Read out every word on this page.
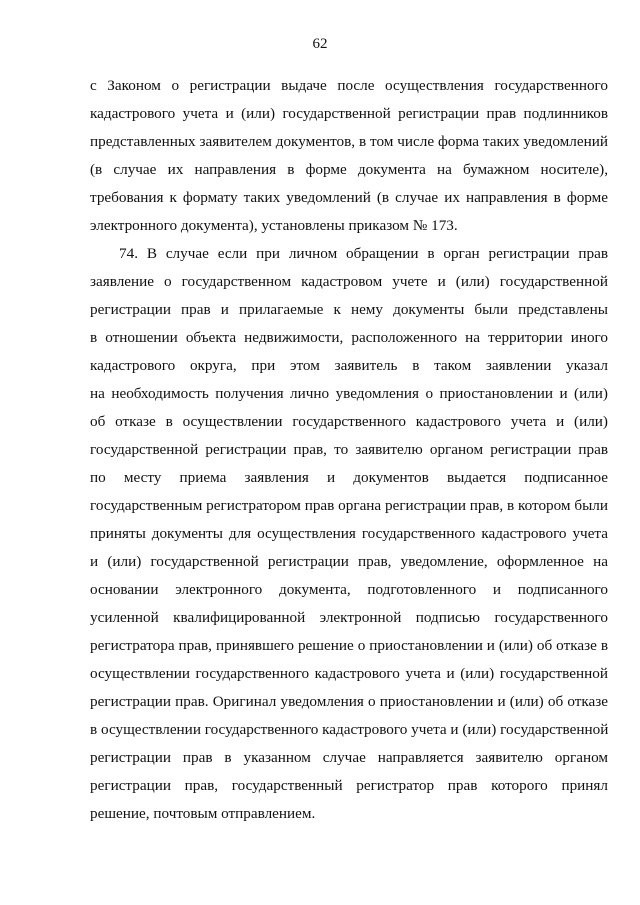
62
с Законом о регистрации выдаче после осуществления государственного
кадастрового учета и (или) государственной регистрации прав подлинников
представленных заявителем документов, в том числе форма таких уведомлений
(в случае их направления в форме документа на бумажном носителе),
требования к формату таких уведомлений (в случае их направления в форме
электронного документа), установлены приказом № 173.
74. В случае если при личном обращении в орган регистрации прав
заявление о государственном кадастровом учете и (или) государственной
регистрации прав и прилагаемые к нему документы были представлены
в отношении объекта недвижимости, расположенного на территории иного
кадастрового округа, при этом заявитель в таком заявлении указал
на необходимость получения лично уведомления о приостановлении и (или)
об отказе в осуществлении государственного кадастрового учета и (или)
государственной регистрации прав, то заявителю органом регистрации прав
по месту приема заявления и документов выдается подписанное
государственным регистратором прав органа регистрации прав, в котором были
приняты документы для осуществления государственного кадастрового учета
и (или) государственной регистрации прав, уведомление, оформленное на
основании электронного документа, подготовленного и подписанного
усиленной квалифицированной электронной подписью государственного
регистратора прав, принявшего решение о приостановлении и (или) об отказе в
осуществлении государственного кадастрового учета и (или) государственной
регистрации прав. Оригинал уведомления о приостановлении и (или) об отказе
в осуществлении государственного кадастрового учета и (или) государственной
регистрации прав в указанном случае направляется заявителю органом
регистрации прав, государственный регистратор прав которого принял
решение, почтовым отправлением.
